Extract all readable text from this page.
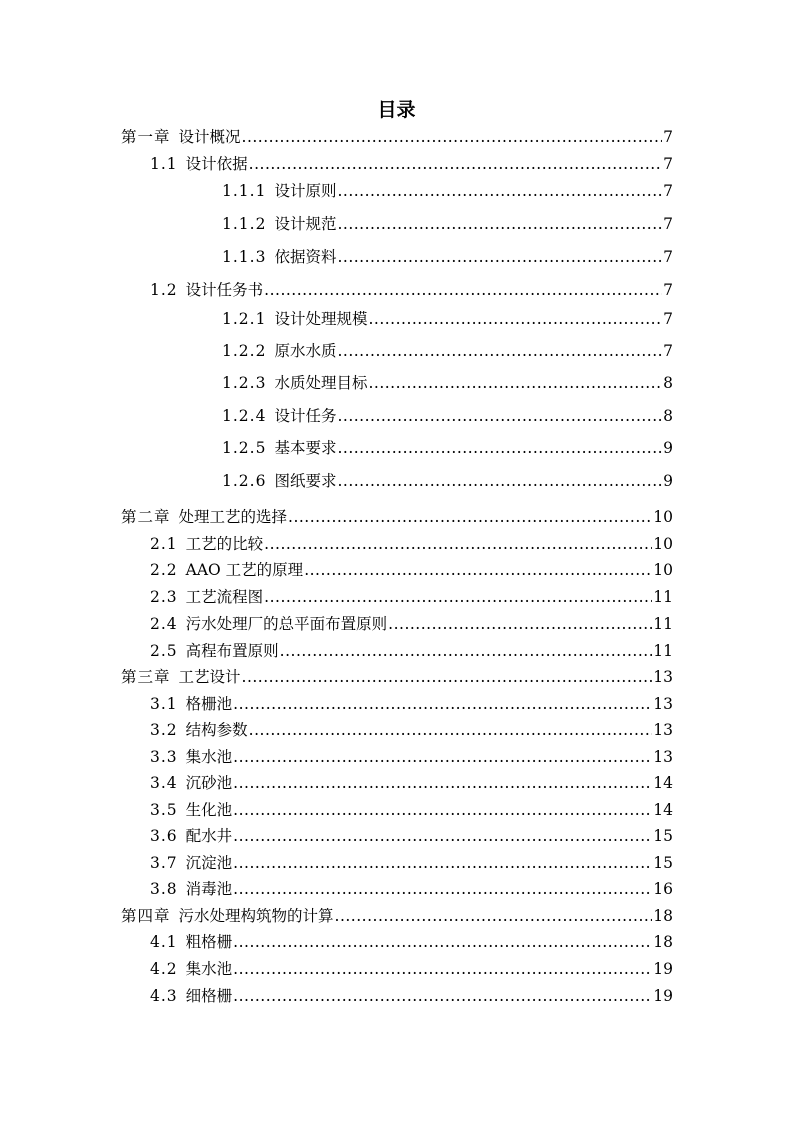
目录
第一章 设计概况 .....	7
1.1 设计依据 .....	7
1.1.1 设计原则 .....	7
1.1.2 设计规范 .....	7
1.1.3 依据资料 .....	7
1.2 设计任务书 .....	7
1.2.1 设计处理规模 .....	7
1.2.2 原水水质 .....	7
1.2.3 水质处理目标 .....	8
1.2.4 设计任务 .....	8
1.2.5 基本要求 .....	9
1.2.6 图纸要求 .....	9
第二章 处理工艺的选择 .....	10
2.1 工艺的比较 .....	10
2.2 AAO 工艺的原理 .....	10
2.3 工艺流程图 .....	11
2.4 污水处理厂的总平面布置原则 .....	11
2.5 高程布置原则 .....	11
第三章 工艺设计 .....	13
3.1 格栅池 .....	13
3.2 结构参数 .....	13
3.3 集水池 .....	13
3.4 沉砂池 .....	14
3.5 生化池 .....	14
3.6 配水井 .....	15
3.7 沉淀池 .....	15
3.8 消毒池 .....	16
第四章 污水处理构筑物的计算 .....	18
4.1 粗格栅 .....	18
4.2 集水池 .....	19
4.3 细格栅 .....	19
